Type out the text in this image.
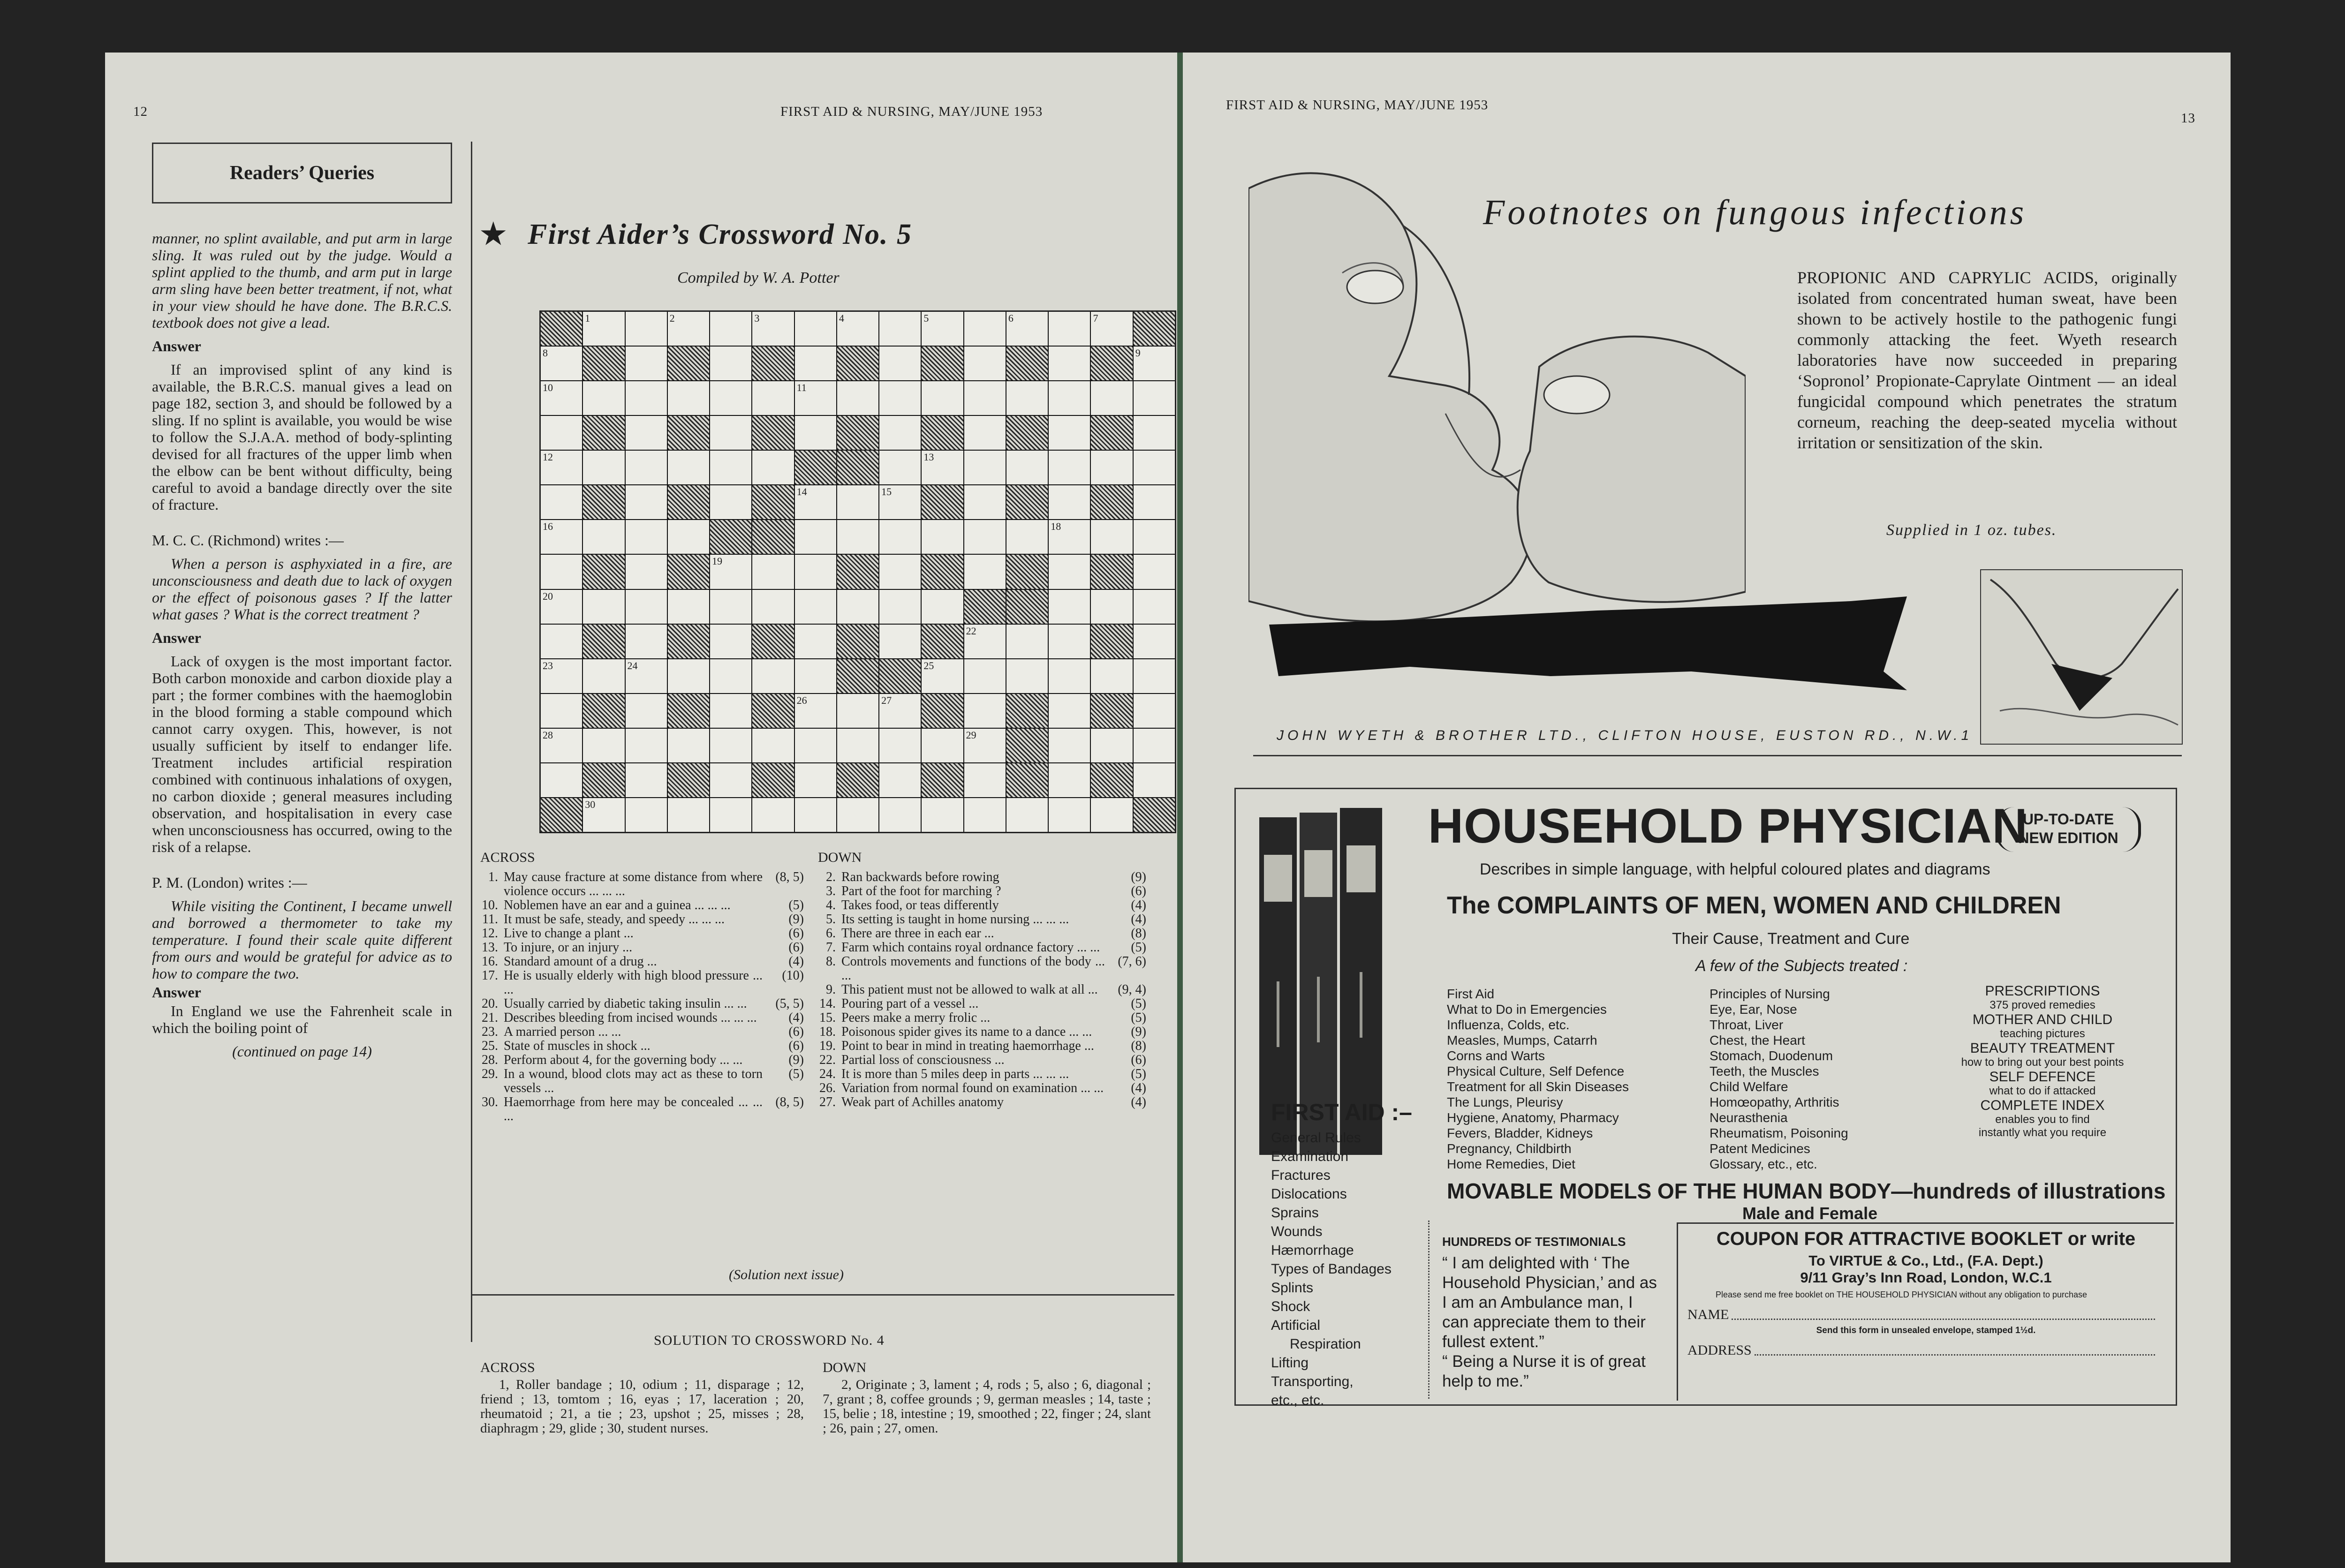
12	FIRST AID & NURSING, MAY/JUNE 1953
Readers’ Queries

manner, no splint available, and put arm in large sling. It was ruled out by the judge. Would a splint applied to the thumb, and arm put in large arm sling have been better treatment, if not, what in your view should he have done. The B.R.C.S. textbook does not give a lead.

Answer

If an improvised splint of any kind is available, the B.R.C.S. manual gives a lead on page 182, section 3, and should be followed by a sling. If no splint is available, you would be wise to follow the S.J.A.A. method of body-splinting devised for all fractures of the upper limb when the elbow can be bent without difficulty, being careful to avoid a bandage directly over the site of fracture.

M. C. C. (Richmond) writes :—

When a person is asphyxiated in a fire, are unconsciousness and death due to lack of oxygen or the effect of poisonous gases ? If the latter what gases ? What is the correct treatment ?

Answer

Lack of oxygen is the most important factor. Both carbon monoxide and carbon dioxide play a part ; the former combines with the haemoglobin in the blood forming a stable compound which cannot carry oxygen. This, however, is not usually sufficient by itself to endanger life. Treatment includes artificial respiration combined with continuous inhalations of oxygen, no carbon dioxide ; general measures including observation, and hospitalisation in every case when unconsciousness has occurred, owing to the risk of a relapse.

P. M. (London) writes :—

While visiting the Continent, I became unwell and borrowed a thermometer to take my temperature. I found their scale quite different from ours and would be grateful for advice as to how to compare the two.

Answer

In England we use the Fahrenheit scale in which the boiling point of

(continued on page 14)

★ First Aider’s Crossword No. 5
Compiled by W. A. Potter
1	2	3	4	5	6	7
8	9
10	11
12	13
14	15
16	18
19
20
22
23	24	25
26	27
28	29
30
ACROSS	DOWN
1. May cause fracture at some distance from where violence occurs ... ... ...
(8, 5)
10. Noblemen have an ear and a guinea ... ... ...	(5)
11. It must be safe, steady, and speedy ... ... ...	(9)
12. Live to change a plant ...	(6)
13. To injure, or an injury ...	(6)
16. Standard amount of a drug ...	(4)
17. He is usually elderly with high blood pressure ... ...
(10)
20. Usually carried by diabetic taking insulin ... ...	(5, 5)
21. Describes bleeding from incised wounds ... ... ...	(4)
23. A married person ... ...	(6)
25. State of muscles in shock ...	(6)
28. Perform about 4, for the governing body ... ...	(9)
29. In a wound, blood clots may act as these to torn vessels ...
(5)
30. Haemorrhage from here may be concealed ... ... ...
(8, 5)
2. Ran backwards before rowing	(9)
3. Part of the foot for marching ?	(6)
4. Takes food, or teas differently	(4)
5. Its setting is taught in home nursing ... ... ...	(4)
6. There are three in each ear ...	(8)
7. Farm which contains royal ordnance factory ... ...	(5)
8. Controls movements and functions of the body ... ...
(7, 6)
9. This patient must not be allowed to walk at all ...	(9, 4)
14. Pouring part of a vessel ...	(5)
15. Peers make a merry frolic ...	(5)
18. Poisonous spider gives its name to a dance ... ...	(9)
19. Point to bear in mind in treating haemorrhage ...	(8)
22. Partial loss of consciousness ...	(6)
24. It is more than 5 miles deep in parts ... ... ...	(5)
26. Variation from normal found on examination ... ...	(4)
27. Weak part of Achilles anatomy	(4)
(Solution next issue)
SOLUTION TO CROSSWORD No. 4
ACROSS	DOWN
1, Roller bandage ; 10, odium ; 11, disparage ; 12, friend ; 13, tomtom ; 16, eyas ; 17, laceration ; 20, rheumatoid ; 21, a tie ; 23, upshot ; 25, misses ; 28, diaphragm ; 29, glide ; 30, student nurses.
2, Originate ; 3, lament ; 4, rods ; 5, also ; 6, diagonal ; 7, grant ; 8, coffee grounds ; 9, german measles ; 14, taste ; 15, belie ; 18, intestine ; 19, smoothed ; 22, finger ; 24, slant ; 26, pain ; 27, omen.
FIRST AID & NURSING, MAY/JUNE 1953
13
Footnotes on fungous infections
PROPIONIC AND CAPRYLIC ACIDS, originally isolated from concentrated human sweat, have been shown to be actively hostile to the pathogenic fungi commonly attacking the feet. Wyeth research laboratories have now succeeded in preparing ‘Sopronol’ Propionate-Caprylate Ointment — an ideal fungicidal compound which penetrates the stratum corneum, reaching the deep-seated mycelia without irritation or sensitization of the skin.
Supplied in 1 oz. tubes.
JOHN WYETH & BROTHER LTD., CLIFTON HOUSE, EUSTON RD., N.W.1
HOUSEHOLD PHYSICIAN
UP-TO-DATE
NEW EDITION
Describes in simple language, with helpful coloured plates and diagrams
The COMPLAINTS OF MEN, WOMEN AND CHILDREN
Their Cause, Treatment and Cure
A few of the Subjects treated :
First Aid
What to Do in Emergencies
Influenza, Colds, etc.
Measles, Mumps, Catarrh
Corns and Warts
Physical Culture, Self Defence
Treatment for all Skin Diseases
The Lungs, Pleurisy
Hygiene, Anatomy, Pharmacy
Fevers, Bladder, Kidneys
Pregnancy, Childbirth
Home Remedies, Diet
Principles of Nursing
Eye, Ear, Nose
Throat, Liver
Chest, the Heart
Stomach, Duodenum
Teeth, the Muscles
Child Welfare
Homœopathy, Arthritis
Neurasthenia
Rheumatism, Poisoning
Patent Medicines
Glossary, etc., etc.
PRESCRIPTIONS
375 proved remedies
MOTHER AND CHILD
teaching pictures
BEAUTY TREATMENT
how to bring out your best points
SELF DEFENCE
what to do if attacked
COMPLETE INDEX
enables you to find
instantly what you require
MOVABLE MODELS OF THE HUMAN BODY—hundreds of illustrations
Male and Female
FIRST AID :–
General Rules
Examination
Fractures
Dislocations
Sprains
Wounds
Hæmorrhage
Types of Bandages
Splints
Shock
Artificial
Respiration
Lifting
Transporting,
etc., etc.
HUNDREDS OF TESTIMONIALS
“ I am delighted with ‘ The Household Physician,’ and as I am an Ambulance man, I can appreciate them to their fullest extent.”
“ Being a Nurse it is of great help to me.”
COUPON FOR ATTRACTIVE BOOKLET or write
To VIRTUE & Co., Ltd., (F.A. Dept.)
9/11 Gray’s Inn Road, London, W.C.1
Please send me free booklet on THE HOUSEHOLD PHYSICIAN without any obligation to purchase
NAME
Send this form in unsealed envelope, stamped 1½d.
ADDRESS
